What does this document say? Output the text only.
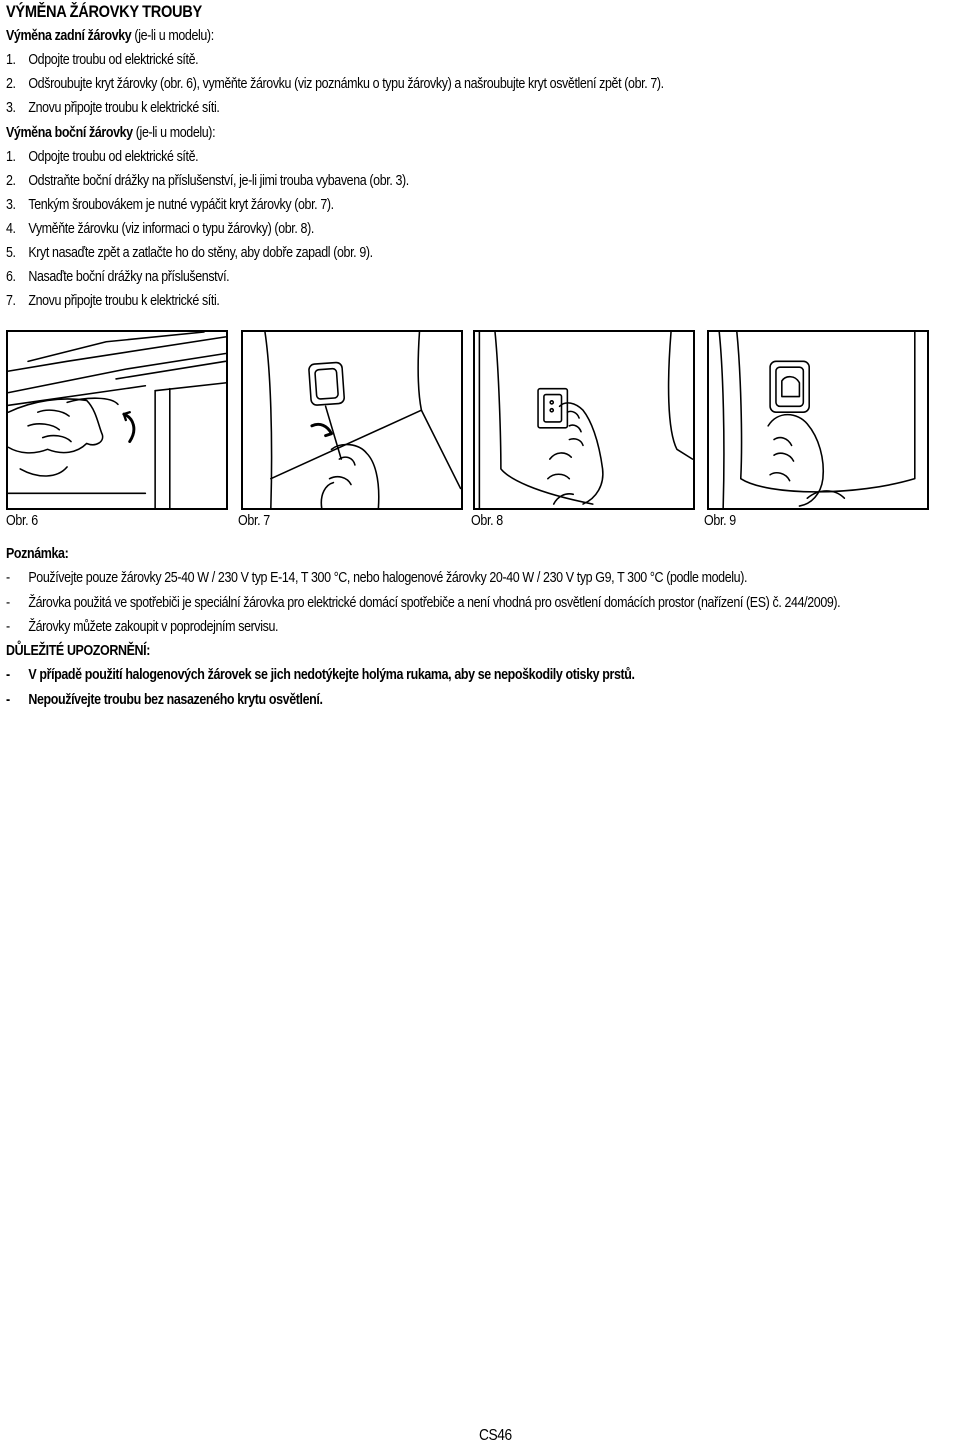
VÝMĚNA ŽÁROVKY TROUBY
Výměna zadní žárovky (je-li u modelu):
1. Odpojte troubu od elektrické sítě.
2. Odšroubujte kryt žárovky (obr. 6), vyměňte žárovku (viz poznámku o typu žárovky) a našroubujte kryt osvětlení zpět (obr. 7).
3. Znovu připojte troubu k elektrické síti.
Výměna boční žárovky (je-li u modelu):
1. Odpojte troubu od elektrické sítě.
2. Odstraňte boční drážky na příslušenství, je-li jimi trouba vybavena (obr. 3).
3. Tenkým šroubovákem je nutné vypáčit kryt žárovky (obr. 7).
4. Vyměňte žárovku (viz informaci o typu žárovky) (obr. 8).
5. Kryt nasaďte zpět a zatlačte ho do stěny, aby dobře zapadl (obr. 9).
6. Nasaďte boční drážky na příslušenství.
7. Znovu připojte troubu k elektrické síti.
Obr. 6	Obr. 7	Obr. 8	Obr. 9
Poznámka:
- Používejte pouze žárovky 25-40 W / 230 V typ E-14, T 300 °C, nebo halogenové žárovky 20-40 W / 230 V typ G9, T 300 °C (podle modelu).
- Žárovka použitá ve spotřebiči je speciální žárovka pro elektrické domácí spotřebiče a není vhodná pro osvětlení domácích prostor (nařízení (ES) č. 244/2009).
- Žárovky můžete zakoupit v poprodejním servisu.
DŮLEŽITÉ UPOZORNĚNÍ:
- V případě použití halogenových žárovek se jich nedotýkejte holýma rukama, aby se nepoškodily otisky prstů.
- Nepoužívejte troubu bez nasazeného krytu osvětlení.
CS46
